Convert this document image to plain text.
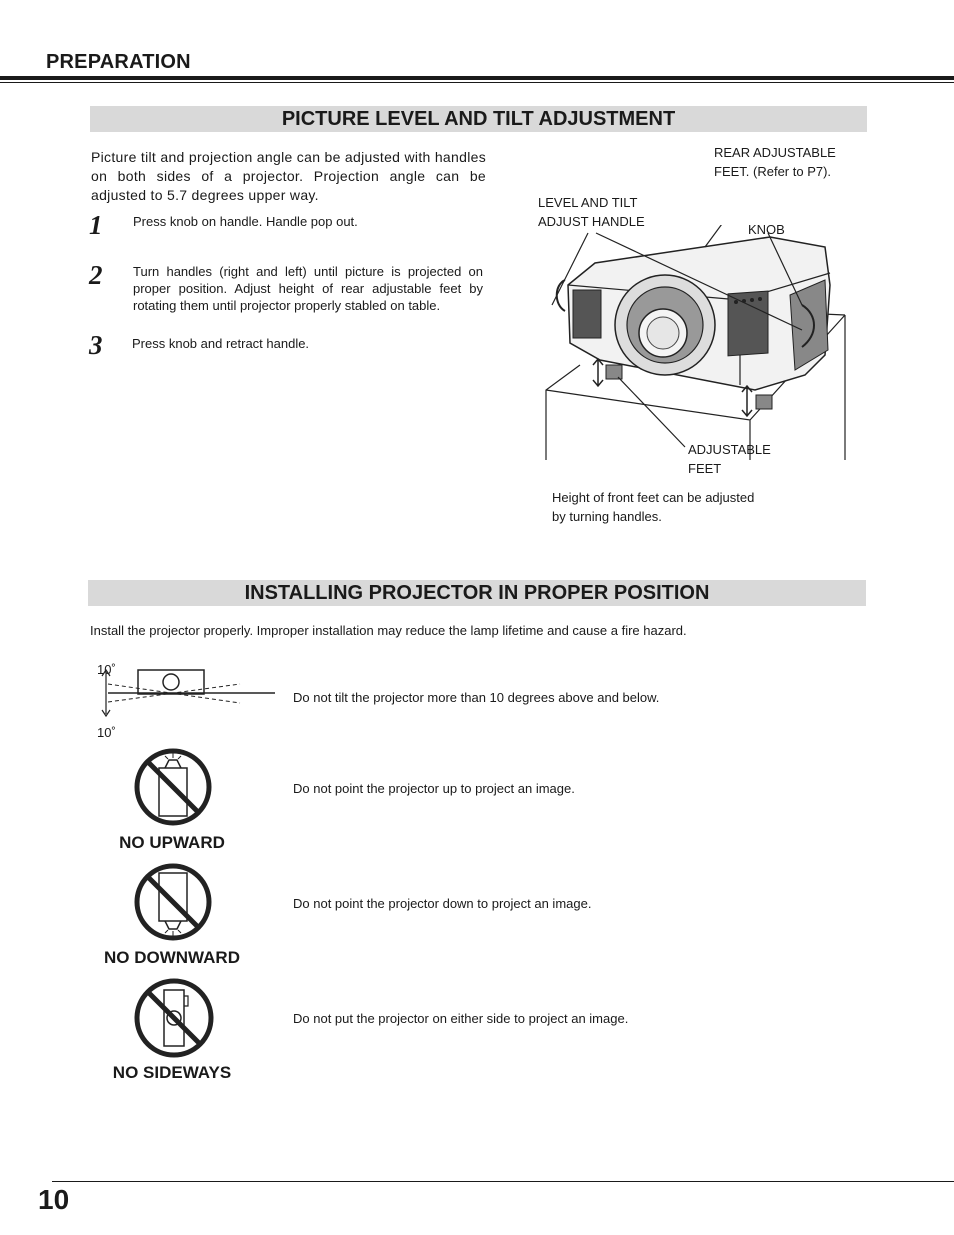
PREPARATION
PICTURE LEVEL AND TILT ADJUSTMENT
Picture tilt and projection angle can be adjusted with handles on both sides of a projector. Projection angle can be adjusted to 5.7 degrees upper way.
1 Press knob on handle. Handle pop out.
2 Turn handles (right and left) until picture is projected on proper position. Adjust height of rear adjustable feet by rotating them until projector properly stabled on table.
3 Press knob and retract handle.
REAR ADJUSTABLE
FEET. (Refer to P7).
LEVEL AND TILT
ADJUST HANDLE
KNOB
ADJUSTABLE
FEET
Height of front feet can be adjusted
by turning handles.
INSTALLING PROJECTOR IN PROPER POSITION
Install the projector properly. Improper installation may reduce the lamp lifetime and cause a fire hazard.
10˚
10˚
Do not tilt the projector more than 10 degrees above and below.
NO UPWARD
Do not point the projector up to project an image.
NO DOWNWARD
Do not point the projector down to project an image.
NO SIDEWAYS
Do not put the projector on either side to project an image.
10
